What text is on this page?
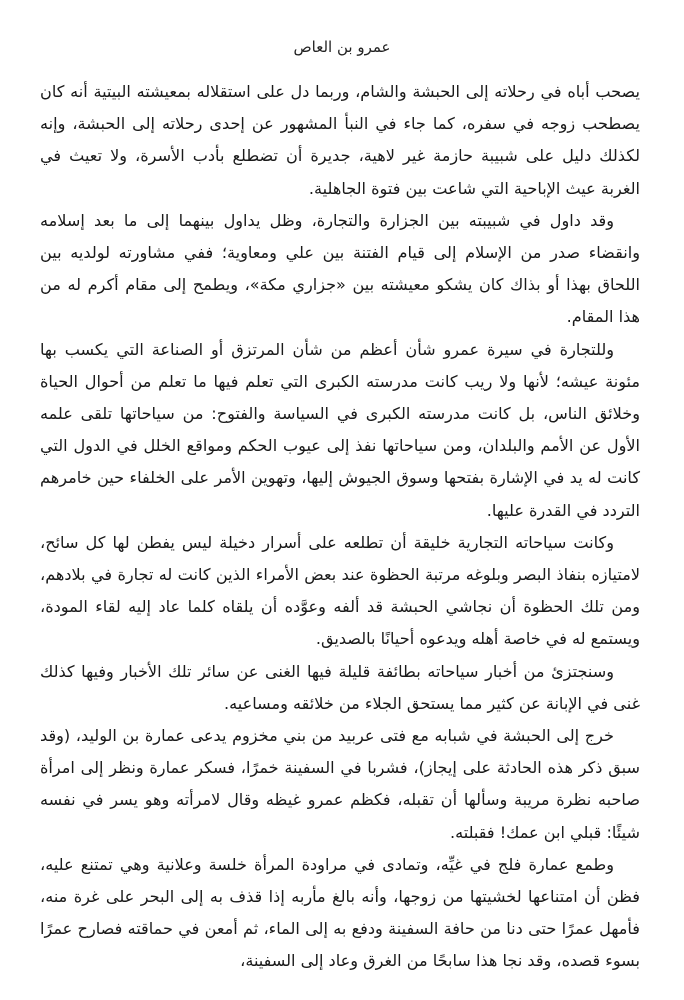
عمرو بن العاص

يصحب أباه في رحلاته إلى الحبشة والشام، وربما دل على استقلاله بمعيشته البيتية أنه كان يصطحب زوجه في سفره، كما جاء في النبأ المشهور عن إحدى رحلاته إلى الحبشة، وإنه لكذلك دليل على شبيبة حازمة غير لاهية، جديرة أن تضطلع بأدب الأسرة، ولا تعيث في الغربة عيث الإباحية التي شاعت بين فتوة الجاهلية.

وقد داول في شبيبته بين الجزارة والتجارة، وظل يداول بينهما إلى ما بعد إسلامه وانقضاء صدر من الإسلام إلى قيام الفتنة بين علي ومعاوية؛ ففي مشاورته لولديه بين اللحاق بهذا أو بذاك كان يشكو معيشته بين «جزاري مكة»، ويطمح إلى مقام أكرم له من هذا المقام.

وللتجارة في سيرة عمرو شأن أعظم من شأن المرتزق أو الصناعة التي يكسب بها مئونة عيشه؛ لأنها ولا ريب كانت مدرسته الكبرى التي تعلم فيها ما تعلم من أحوال الحياة وخلائق الناس، بل كانت مدرسته الكبرى في السياسة والفتوح: من سياحاتها تلقى علمه الأول عن الأمم والبلدان، ومن سياحاتها نفذ إلى عيوب الحكم ومواقع الخلل في الدول التي كانت له يد في الإشارة بفتحها وسوق الجيوش إليها، وتهوين الأمر على الخلفاء حين خامرهم التردد في القدرة عليها.

وكانت سياحاته التجارية خليقة أن تطلعه على أسرار دخيلة ليس يفطن لها كل سائح، لامتيازه بنفاذ البصر وبلوغه مرتبة الحظوة عند بعض الأمراء الذين كانت له تجارة في بلادهم، ومن تلك الحظوة أن نجاشي الحبشة قد ألفه وعوَّده أن يلقاه كلما عاد إليه لقاء المودة، ويستمع له في خاصة أهله ويدعوه أحيانًا بالصديق.

وسنجتزئ من أخبار سياحاته بطائفة قليلة فيها الغنى عن سائر تلك الأخبار وفيها كذلك غنى في الإبانة عن كثير مما يستحق الجلاء من خلائقه ومساعيه.

خرج إلى الحبشة في شبابه مع فتى عربيد من بني مخزوم يدعى عمارة بن الوليد، (وقد سبق ذكر هذه الحادثة على إيجاز)، فشربا في السفينة خمرًا، فسكر عمارة ونظر إلى امرأة صاحبه نظرة مريبة وسألها أن تقبله، فكظم عمرو غيظه وقال لامرأته وهو يسر في نفسه شيئًا: قبلي ابن عمك! فقبلته.

وطمع عمارة فلج في غيِّه، وتمادى في مراودة المرأة خلسة وعلانية وهي تمتنع عليه، فظن أن امتناعها لخشيتها من زوجها، وأنه بالغ مأربه إذا قذف به إلى البحر على غرة منه، فأمهل عمرًا حتى دنا من حافة السفينة ودفع به إلى الماء، ثم أمعن في حماقته فصارح عمرًا بسوء قصده، وقد نجا هذا سابحًا من الغرق وعاد إلى السفينة،
